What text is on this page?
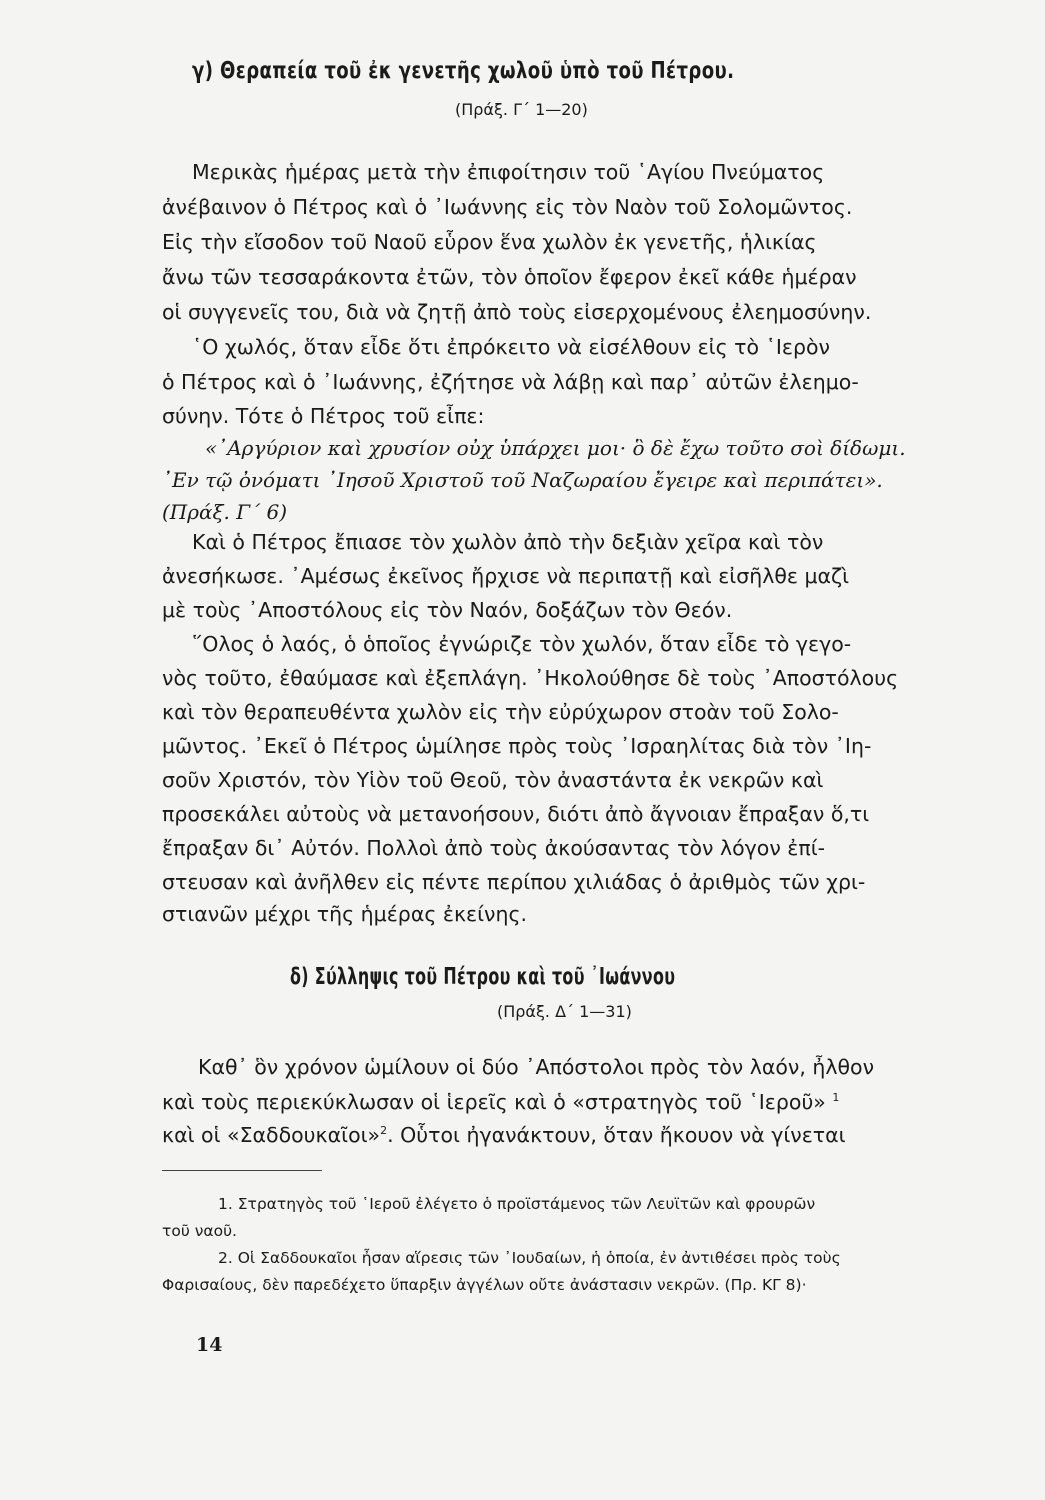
γ) Θεραπεία τοῦ ἐκ γενετῆς χωλοῦ ὑπὸ τοῦ Πέτρου.
(Πράξ. Γ΄ 1—20)
Μερικὰς ἡμέρας μετὰ τὴν ἐπιφοίτησιν τοῦ ῾Αγίου Πνεύματος
ἀνέβαινον ὁ Πέτρος καὶ ὁ ᾽Ιωάννης εἰς τὸν Ναὸν τοῦ Σολομῶντος.
Εἰς τὴν εἴσοδον τοῦ Ναοῦ εὗρον ἕνα χωλὸν ἐκ γενετῆς, ἡλικίας
ἄνω τῶν τεσσαράκοντα ἐτῶν, τὸν ὁποῖον ἔφερον ἐκεῖ κάθε ἡμέραν
οἱ συγγενεῖς του, διὰ νὰ ζητῇ ἀπὸ τοὺς εἰσερχομένους ἐλεημοσύνην.
῾Ο χωλός, ὅταν εἶδε ὅτι ἐπρόκειτο νὰ εἰσέλθουν εἰς τὸ ῾Ιερὸν
ὁ Πέτρος καὶ ὁ ᾽Ιωάννης, ἐζήτησε νὰ λάβῃ καὶ παρ᾽ αὐτῶν ἐλεημο-
σύνην. Τότε ὁ Πέτρος τοῦ εἶπε:
«᾽Αργύριον καὶ χρυσίον οὐχ ὑπάρχει μοι· ὃ δὲ ἔχω τοῦτο σοὶ δίδωμι.
᾽Εν τῷ ὀνόματι ᾽Ιησοῦ Χριστοῦ τοῦ Ναζωραίου ἔγειρε καὶ περιπάτει».
(Πράξ. Γ΄ 6)
Καὶ ὁ Πέτρος ἔπιασε τὸν χωλὸν ἀπὸ τὴν δεξιὰν χεῖρα καὶ τὸν
ἀνεσήκωσε. ᾽Αμέσως ἐκεῖνος ἤρχισε νὰ περιπατῇ καὶ εἰσῆλθε μαζὶ
μὲ τοὺς ᾽Αποστόλους εἰς τὸν Ναόν, δοξάζων τὸν Θεόν.
῞Ολος ὁ λαός, ὁ ὁποῖος ἐγνώριζε τὸν χωλόν, ὅταν εἶδε τὸ γεγο-
νὸς τοῦτο, ἐθαύμασε καὶ ἐξεπλάγη. ᾽Ηκολούθησε δὲ τοὺς ᾽Αποστόλους
καὶ τὸν θεραπευθέντα χωλὸν εἰς τὴν εὐρύχωρον στοὰν τοῦ Σολο-
μῶντος. ᾽Εκεῖ ὁ Πέτρος ὡμίλησε πρὸς τοὺς ᾽Ισραηλίτας διὰ τὸν ᾽Ιη-
σοῦν Χριστόν, τὸν Υἱὸν τοῦ Θεοῦ, τὸν ἀναστάντα ἐκ νεκρῶν καὶ
προσεκάλει αὐτοὺς νὰ μετανοήσουν, διότι ἀπὸ ἄγνοιαν ἔπραξαν ὅ,τι
ἔπραξαν δι᾽ Αὐτόν. Πολλοὶ ἀπὸ τοὺς ἀκούσαντας τὸν λόγον ἐπί-
στευσαν καὶ ἀνῆλθεν εἰς πέντε περίπου χιλιάδας ὁ ἀριθμὸς τῶν χρι-
στιανῶν μέχρι τῆς ἡμέρας ἐκείνης.
δ) Σύλληψις τοῦ Πέτρου καὶ τοῦ ᾽Ιωάννου
(Πράξ. Δ΄ 1—31)
Καθ᾽ ὃν χρόνον ὡμίλουν οἱ δύο ᾽Απόστολοι πρὸς τὸν λαόν, ἦλθον
καὶ τοὺς περιεκύκλωσαν οἱ ἱερεῖς καὶ ὁ «στρατηγὸς τοῦ ῾Ιεροῦ» $^1$
καὶ οἱ «Σαδδουκαῖοι»$^2$. Οὗτοι ἠγανάκτουν, ὅταν ἤκουον νὰ γίνεται
1. Στρατηγὸς τοῦ ῾Ιεροῦ ἐλέγετο ὁ προϊστάμενος τῶν Λευϊτῶν καὶ φρουρῶν
τοῦ ναοῦ.
2. Οἱ Σαδδουκαῖοι ἦσαν αἵρεσις τῶν ᾽Ιουδαίων, ἡ ὁποία, ἐν ἀντιθέσει πρὸς τοὺς
Φαρισαίους, δὲν παρεδέχετο ὕπαρξιν ἀγγέλων οὔτε ἀνάστασιν νεκρῶν. (Πρ. ΚΓ 8)·
14
